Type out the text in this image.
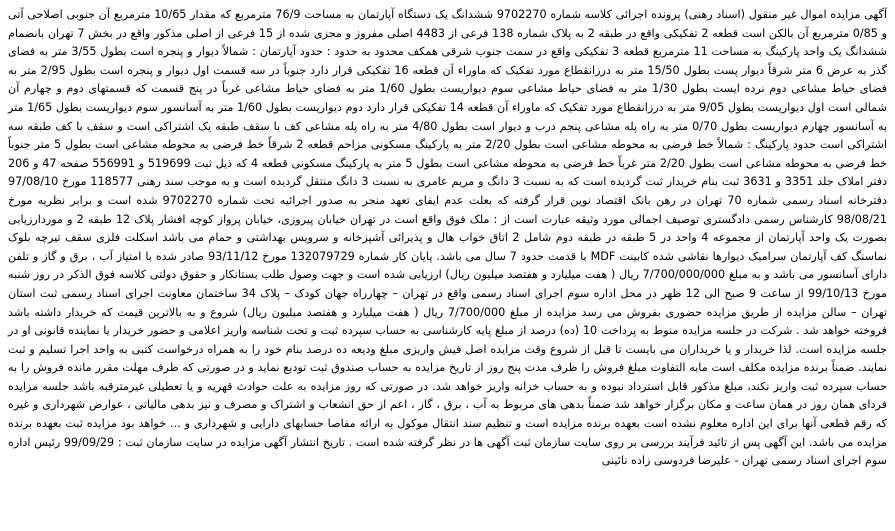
آگهی مزایده اموال غیر منقول (اسناد رهنی) پرونده اجرائی کلاسه شماره 9702270 ششدانگ یک دستگاه آپارتمان به مساحت 76/9 مترمربع که مقدار 10/65 مترمربع آن جنوبی اصلاحی آتی و 0/85 مترمربع آن بالکن است قطعه 2 تفکیکی واقع در طبقه 2 به پلاک شماره 138 فرعی از 4483 اصلی مفروز و مجزی شده از 15 فرعی از اصلی مذکور واقع در بخش 7 تهران بانضمام ششدانگ یک واحد پارکینگ به مساحت 11 مترمربع قطعه 3 تفکیکی واقع در سمت جنوب شرقی همکف محدود به حدود : حدود آپارتمان : شمالاً دیوار و پنجره است بطول 3/55 متر به فضای گذر به عرض 6 متر شرقاً دیوار پست بطول 15/50 متر به درزانقطاع مورد تفکیک که ماوراء آن قطعه 16 تفکیکی قرار دارد جنوباً در سه قسمت اول دیوار و پنجره است بطول 2/95 متر به فضای حیاط مشاعی دوم نرده ایست بطول 1/30 متر به فضای حیاط مشاعی سوم دیواریست بطول 1/60 متر به فضای حیاط مشاعی غرباً در پنج قسمت که قسمتهای دوم و چهارم آن شمالی است اول دیواریست بطول 9/05 متر به درزانقطاع مورد تفکیک که ماوراء آن قطعه 14 تفکیکی قرار دارد دوم دیواریست بطول 1/60 متر به آسانسور سوم دیواریست بطول 1/65 متر به آسانسور چهارم دیواریست بطول 0/70 متر به راه پله مشاعی پنجم درب و دیوار است بطول 4/80 متر به راه پله مشاعی کف با سقف طبقه یک اشتراکی است و سقف با کف طبقه سه اشتراکی است حدود پارکینگ : شمالاً خط فرضی به محوطه مشاعی است بطول 2/20 متر به پارکینگ مسکونی مزاحم قطعه 2 شرقاً خط فرضی به محوطه مشاعی است بطول 5 متر جنوباً خط فرضی به محوطه مشاعی است بطول 2/20 متر غرباً خط فرضی به محوطه مشاعی است بطول 5 متر به پارکینگ مسکونی قطعه 4 که ذیل ثبت 519699 و 556991 صفحه 47 و 206 دفتر املاک جلد 3351 و 3631 ثبت بنام خریدار ثبت گردیده است که به نسبت 3 دانگ و مریم عامری به نسبت 3 دانگ منتقل گردیده است و به موجب سند رهنی 118577 مورخ 97/08/10 دفترخانه اسناد رسمی شماره 70 تهران در رهن بانک اقتصاد نوین قرار گرفته که بعلت عدم ایفای تعهد منجر به صدور اجرائیه تحت شماره 9702270 شده است و برابر نظریه مورخ 98/08/21 کارشناس رسمی دادگستری توصیف اجمالی مورد وثیقه عبارت است از : ملک فوق واقع است در تهران خیابان پیروزی، خیابان پرواز کوچه افشار پلاک 12 طبقه 2 و موردارزیابی بصورت یک واحد آپارتمان از مجموعه 4 واحد در 5 طبقه در طبقه دوم شامل 2 اتاق خواب هال و پذیرائی آشپزخانه و سرویس بهداشتی و حمام می باشد اسکلت فلزی سقف تیرچه بلوک نماسنگ کف آپارتمان سرامیک دیوارها نقاشی شده کابینت MDF با قدمت حدود 7 سال می باشد. پایان کار شماره 132079729 مورخ 93/11/12 صادر شده با امتیاز آب ، برق و گاز و تلفن دارای آسانسور می باشد و به مبلغ 7/700/000/000 ریال ( هفت میلیارد و هفتصد میلیون ریال) ارزیابی شده است و جهت وصول طلب بستانکار و حقوق دولتی کلاسه فوق الذکر در روز شنبه مورخ 99/10/13 از ساعت 9 صبح الی 12 ظهر در محل اداره سوم اجرای اسناد رسمی واقع در تهران – چهارراه جهان کودک – پلاک 34 ساختمان معاونت اجرای اسناد رسمی ثبت استان تهران – سالن مزایده از طریق مزایده حضوری بفروش می رسد مزایده از مبلغ 7/700/000 ریال ( هفت میلیارد و هفتصد میلیون ریال) شروع و به بالاترین قیمت که خریدار داشته باشد فروخته خواهد شد . شرکت در جلسه مزایده منوط به پرداخت 10 (ده) درصد از مبلغ پایه کارشناسی به حساب سپرده ثبت و تحت شناسه واریز اعلامی و حضور خریدار یا نماینده قانونی او در جلسه مزایده است. لذا خریدار و یا خریداران می بایست تا قبل از شروع وقت مزایده اصل فیش واریزی مبلغ ودیعه ده درصد بنام خود را به همراه درخواست کتبی به واحد اجرا تسلیم و ثبت نمایند. ضمناً برنده مزایده مکلف است مابه التفاوت مبلغ فروش را ظرف مدت پنج روز از تاریخ مزایده به حساب صندوق ثبت تودیع نماید و در صورتی که ظرف مهلت مقرر مانده فروش را به حساب سپرده ثبت واریز نکند، مبلغ مذکور قابل استرداد نبوده و به حساب خزانه واریز خواهد شد. در صورتی که روز مزایده به علت حوادث قهریه و یا تعطیلی غیرمترقبه باشد جلسه مزایده فردای همان روز در همان ساعت و مکان برگزار خواهد شد ضمناً بدهی های مربوط به آب ، برق ، گاز ، اعم از حق انشعاب و اشتراک و مصرف و نیز بدهی مالیاتی ، عوارض شهرداری و غیره که رقم قطعی آنها برای این اداره معلوم نشده است بعهده برنده مزایده است و تنظیم سند انتقال موکول به ارائه مفاصا حسابهای دارایی و شهرداری و ... خواهد بود مزایده ثبت بعهده برنده مزایده می باشد. این آگهی پس از تائید فرآیند بررسی بر روی سایت سازمان ثبت آگهی ها در نظر گرفته شده است . تاریخ انتشار آگهی مزایده در سایت سازمان ثبت : 99/09/29 رئیس اداره سوم اجرای اسناد رسمی تهران - علیرضا فردوسی زاده نائینی
